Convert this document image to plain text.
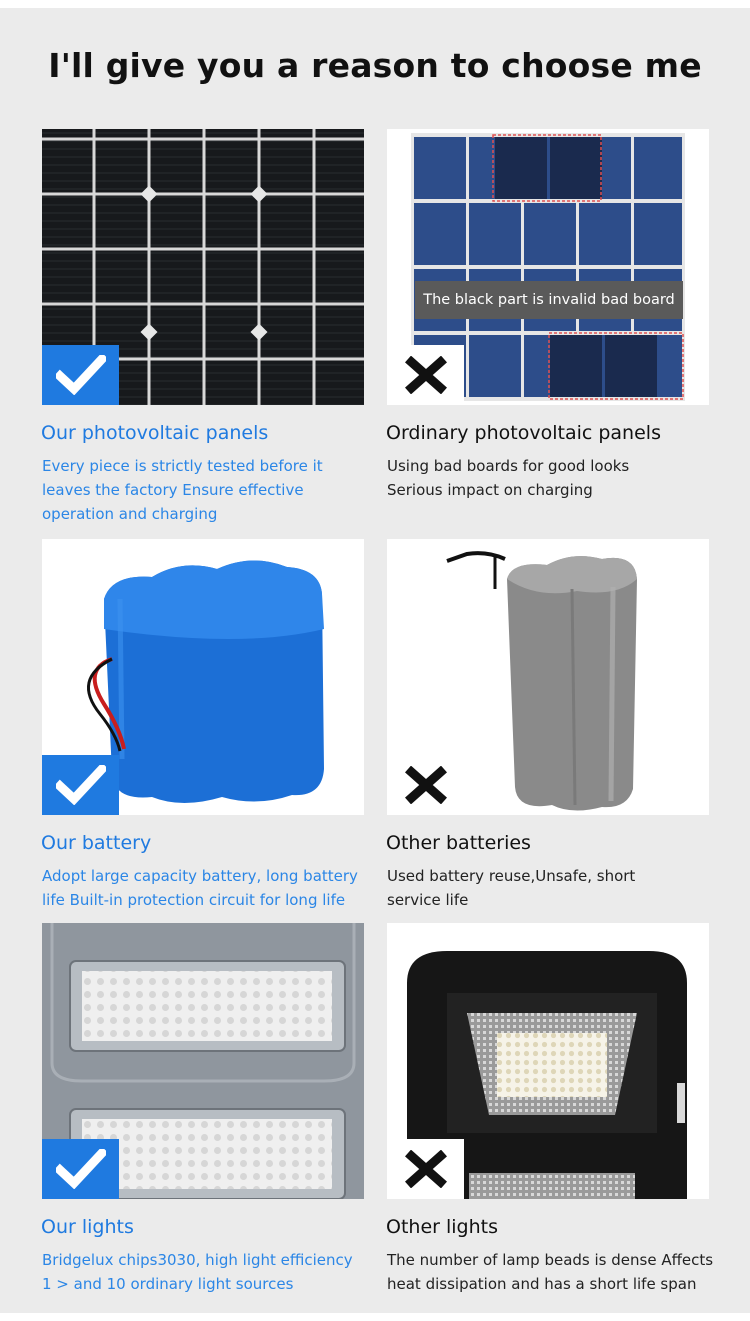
I'll give you a reason to choose me
The black part is invalid bad board
Our photovoltaic panels
Every piece is strictly tested before it
leaves the factory Ensure effective
operation and charging
Ordinary photovoltaic panels
Using bad boards for good looks
Serious impact on charging
Our battery
Adopt large capacity battery, long battery
life Built-in protection circuit for long life
Other batteries
Used battery reuse,Unsafe, short
service life
Our lights
Bridgelux chips3030, high light efficiency
1 > and 10 ordinary light sources
Other lights
The number of lamp beads is dense Affects
heat dissipation and has a short life span
